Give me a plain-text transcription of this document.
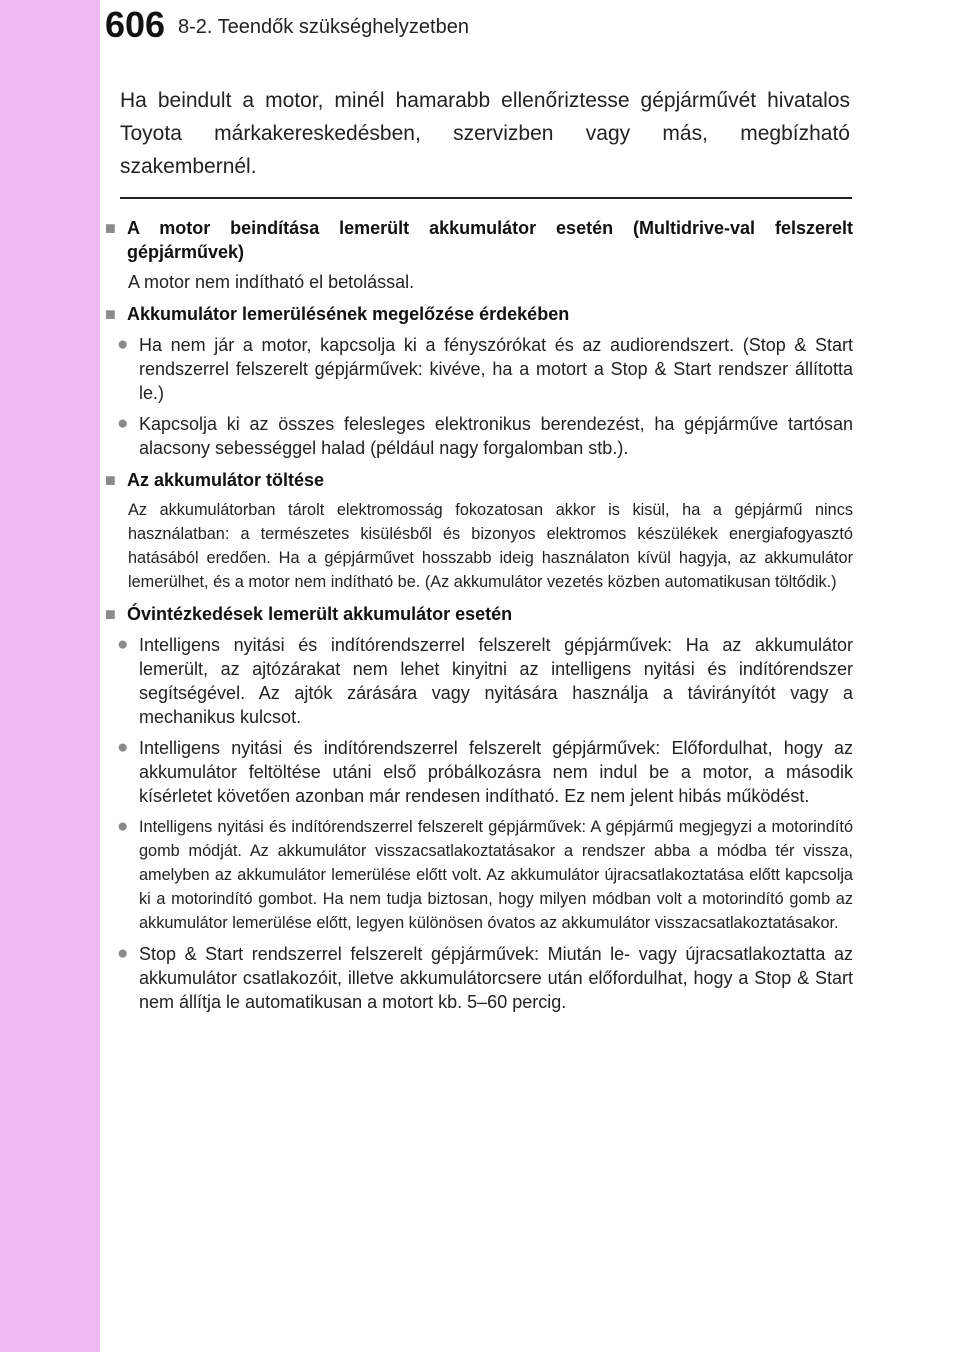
606 8-2. Teendők szükséghelyzetben
Ha beindult a motor, minél hamarabb ellenőriztesse gépjárművét hivatalos Toyota márkakereskedésben, szervizben vagy más, megbízható szakembernél.
■ A motor beindítása lemerült akkumulátor esetén (Multidrive-val felszerelt gépjárművek)
A motor nem indítható el betolással.
■ Akkumulátor lemerülésének megelőzése érdekében
● Ha nem jár a motor, kapcsolja ki a fényszórókat és az audiorendszert. (Stop & Start rendszerrel felszerelt gépjárművek: kivéve, ha a motort a Stop & Start rendszer állította le.)
● Kapcsolja ki az összes felesleges elektronikus berendezést, ha gépjárműve tartósan alacsony sebességgel halad (például nagy forgalomban stb.).
■ Az akkumulátor töltése
Az akkumulátorban tárolt elektromosság fokozatosan akkor is kisül, ha a gépjármű nincs használatban: a természetes kisülésből és bizonyos elektromos készülékek energiafogyasztó hatásából eredően. Ha a gépjárművet hosszabb ideig használaton kívül hagyja, az akkumulátor lemerülhet, és a motor nem indítható be. (Az akkumulátor vezetés közben automatikusan töltődik.)
■ Óvintézkedések lemerült akkumulátor esetén
● Intelligens nyitási és indítórendszerrel felszerelt gépjárművek: Ha az akkumulátor lemerült, az ajtózárakat nem lehet kinyitni az intelligens nyitási és indítórendszer segítségével. Az ajtók zárására vagy nyitására használja a távirányítót vagy a mechanikus kulcsot.
● Intelligens nyitási és indítórendszerrel felszerelt gépjárművek: Előfordulhat, hogy az akkumulátor feltöltése utáni első próbálkozásra nem indul be a motor, a második kísérletet követően azonban már rendesen indítható. Ez nem jelent hibás működést.
● Intelligens nyitási és indítórendszerrel felszerelt gépjárművek: A gépjármű megjegyzi a motorindító gomb módját. Az akkumulátor visszacsatlakoztatásakor a rendszer abba a módba tér vissza, amelyben az akkumulátor lemerülése előtt volt. Az akkumulátor újracsatlakoztatása előtt kapcsolja ki a motorindító gombot. Ha nem tudja biztosan, hogy milyen módban volt a motorindító gomb az akkumulátor lemerülése előtt, legyen különösen óvatos az akkumulátor visszacsatlakoztatásakor.
● Stop & Start rendszerrel felszerelt gépjárművek: Miután le- vagy újracsatlakoztatta az akkumulátor csatlakozóit, illetve akkumulátorcsere után előfordulhat, hogy a Stop & Start nem állítja le automatikusan a motort kb. 5–60 percig.
